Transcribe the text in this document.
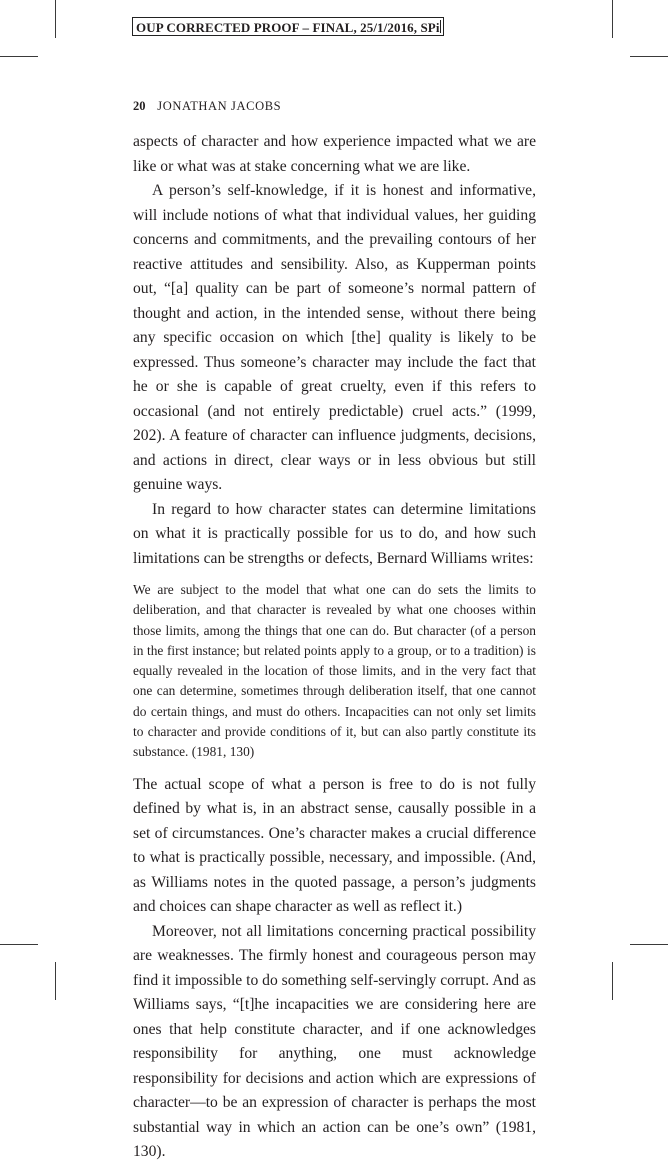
OUP CORRECTED PROOF – FINAL, 25/1/2016, SPi
20 JONATHAN JACOBS

aspects of character and how experience impacted what we are like or what was at stake concerning what we are like.

A person’s self-knowledge, if it is honest and informative, will include notions of what that individual values, her guiding concerns and commitments, and the prevailing contours of her reactive attitudes and sensibility. Also, as Kupperman points out, “[a] quality can be part of someone’s normal pattern of thought and action, in the intended sense, without there being any specific occasion on which [the] quality is likely to be expressed. Thus someone’s character may include the fact that he or she is capable of great cruelty, even if this refers to occasional (and not entirely predictable) cruel acts.” (1999, 202). A feature of character can influence judgments, decisions, and actions in direct, clear ways or in less obvious but still genuine ways.

In regard to how character states can determine limitations on what it is practically possible for us to do, and how such limitations can be strengths or defects, Bernard Williams writes:

We are subject to the model that what one can do sets the limits to deliberation, and that character is revealed by what one chooses within those limits, among the things that one can do. But character (of a person in the first instance; but related points apply to a group, or to a tradition) is equally revealed in the location of those limits, and in the very fact that one can determine, sometimes through deliberation itself, that one cannot do certain things, and must do others. Incapacities can not only set limits to character and provide conditions of it, but can also partly constitute its substance. (1981, 130)

The actual scope of what a person is free to do is not fully defined by what is, in an abstract sense, causally possible in a set of circumstances. One’s character makes a crucial difference to what is practically possible, necessary, and impossible. (And, as Williams notes in the quoted passage, a person’s judgments and choices can shape character as well as reflect it.)

Moreover, not all limitations concerning practical possibility are weaknesses. The firmly honest and courageous person may find it impossible to do something self-servingly corrupt. And as Williams says, “[t]he incapacities we are considering here are ones that help constitute character, and if one acknowledges responsibility for anything, one must acknowledge responsibility for decisions and action which are expressions of character—to be an expression of character is perhaps the most substantial way in which an action can be one’s own” (1981, 130).
